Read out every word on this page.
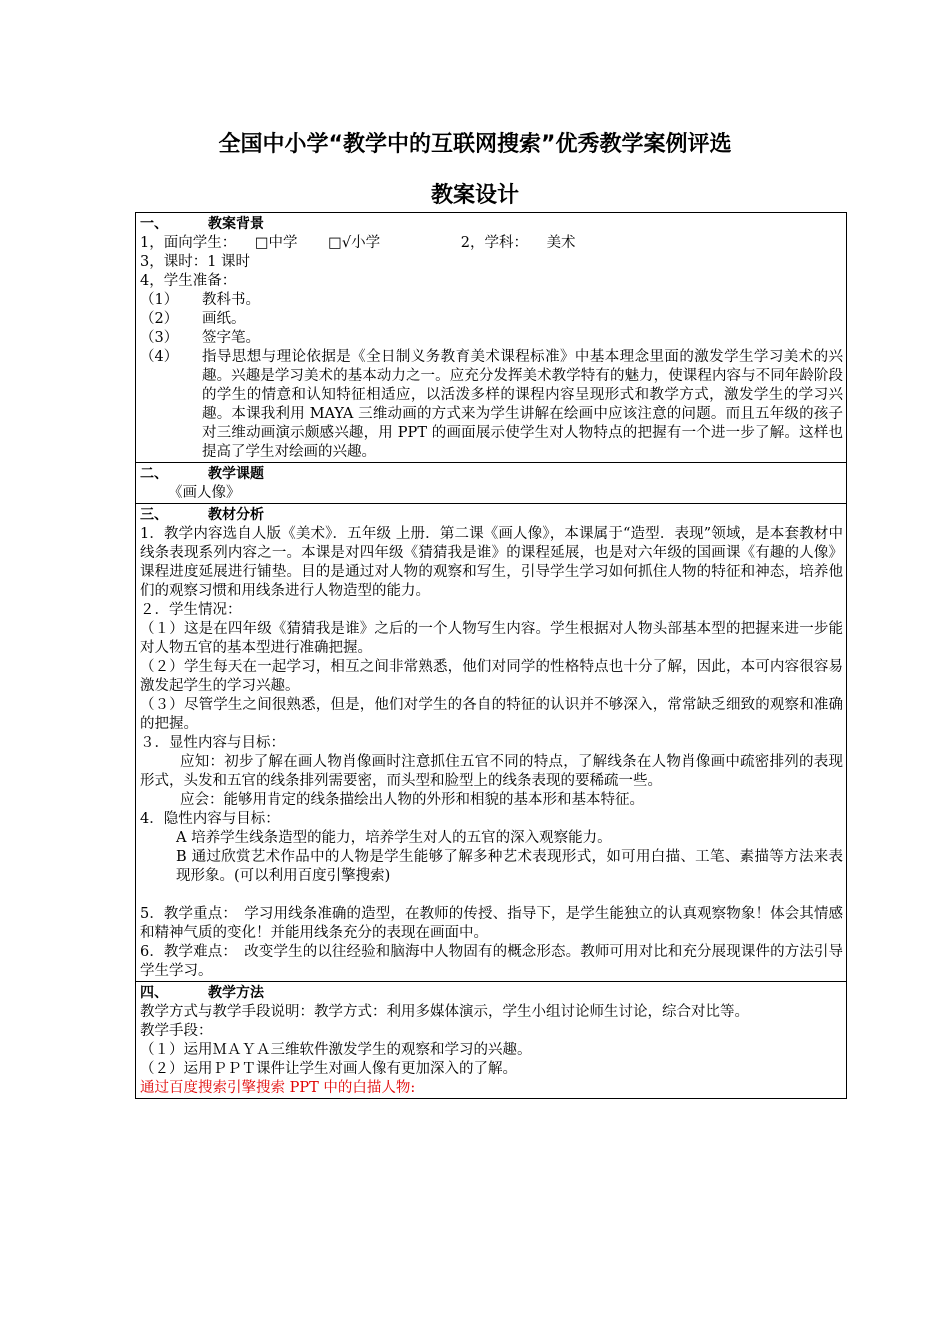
全国中小学“教学中的互联网搜索”优秀教学案例评选
教案设计
一、	教案背景
1，面向学生： □中学 □√小学	2，学科： 美术
3，课时：1 课时
4，学生准备：
（1）	教科书。
（2）	画纸。
（3）	签字笔。
（4）	指导思想与理论依据是《全日制义务教育美术课程标准》中基本理念里面的激发学生学习美术的兴趣。兴趣是学习美术的基本动力之一。应充分发挥美术教学特有的魅力，使课程内容与不同年龄阶段的学生的情意和认知特征相适应，以活泼多样的课程内容呈现形式和教学方式，激发学生的学习兴趣。本课我利用 MAYA 三维动画的方式来为学生讲解在绘画中应该注意的问题。而且五年级的孩子对三维动画演示颇感兴趣，用 PPT 的画面展示使学生对人物特点的把握有一个进一步了解。这样也提高了学生对绘画的兴趣。
二、	教学课题
《画人像》
三、	教材分析

1．教学内容选自人版《美术》．五年级 上册．第二课《画人像》，本课属于“造型．表现”领域，是本套教材中线条表现系列内容之一。本课是对四年级《猜猜我是谁》的课程延展，也是对六年级的国画课《有趣的人像》课程进度延展进行铺垫。目的是通过对人物的观察和写生，引导学生学习如何抓住人物的特征和神态，培养他们的观察习惯和用线条进行人物造型的能力。

２．学生情况：

（１）这是在四年级《猜猜我是谁》之后的一个人物写生内容。学生根据对人物头部基本型的把握来进一步能对人物五官的基本型进行准确把握。

（２）学生每天在一起学习，相互之间非常熟悉，他们对同学的性格特点也十分了解，因此，本可内容很容易激发起学生的学习兴趣。

（３）尽管学生之间很熟悉，但是，他们对学生的各自的特征的认识并不够深入，常常缺乏细致的观察和准确的把握。

３．显性内容与目标：

应知：初步了解在画人物肖像画时注意抓住五官不同的特点，了解线条在人物肖像画中疏密排列的表现形式，头发和五官的线条排列需要密，而头型和脸型上的线条表现的要稀疏一些。

应会：能够用肯定的线条描绘出人物的外形和相貌的基本形和基本特征。

4．隐性内容与目标：

A 培养学生线条造型的能力，培养学生对人的五官的深入观察能力。

B 通过欣赏艺术作品中的人物是学生能够了解多种艺术表现形式，如可用白描、工笔、素描等方法来表现形象。(可以利用百度引擎搜索)

5．教学重点：　学习用线条准确的造型，在教师的传授、指导下，是学生能独立的认真观察物象！体会其情感和精神气质的变化！并能用线条充分的表现在画面中。

6．教学难点：　改变学生的以往经验和脑海中人物固有的概念形态。教师可用对比和充分展现课件的方法引导学生学习。

四、	教学方法

教学方式与教学手段说明：教学方式：利用多媒体演示，学生小组讨论师生讨论，综合对比等。

教学手段：

（１）运用ＭＡＹＡ三维软件激发学生的观察和学习的兴趣。

（２）运用ＰＰＴ课件让学生对画人像有更加深入的了解。

通过百度搜索引擎搜索 PPT 中的白描人物:
